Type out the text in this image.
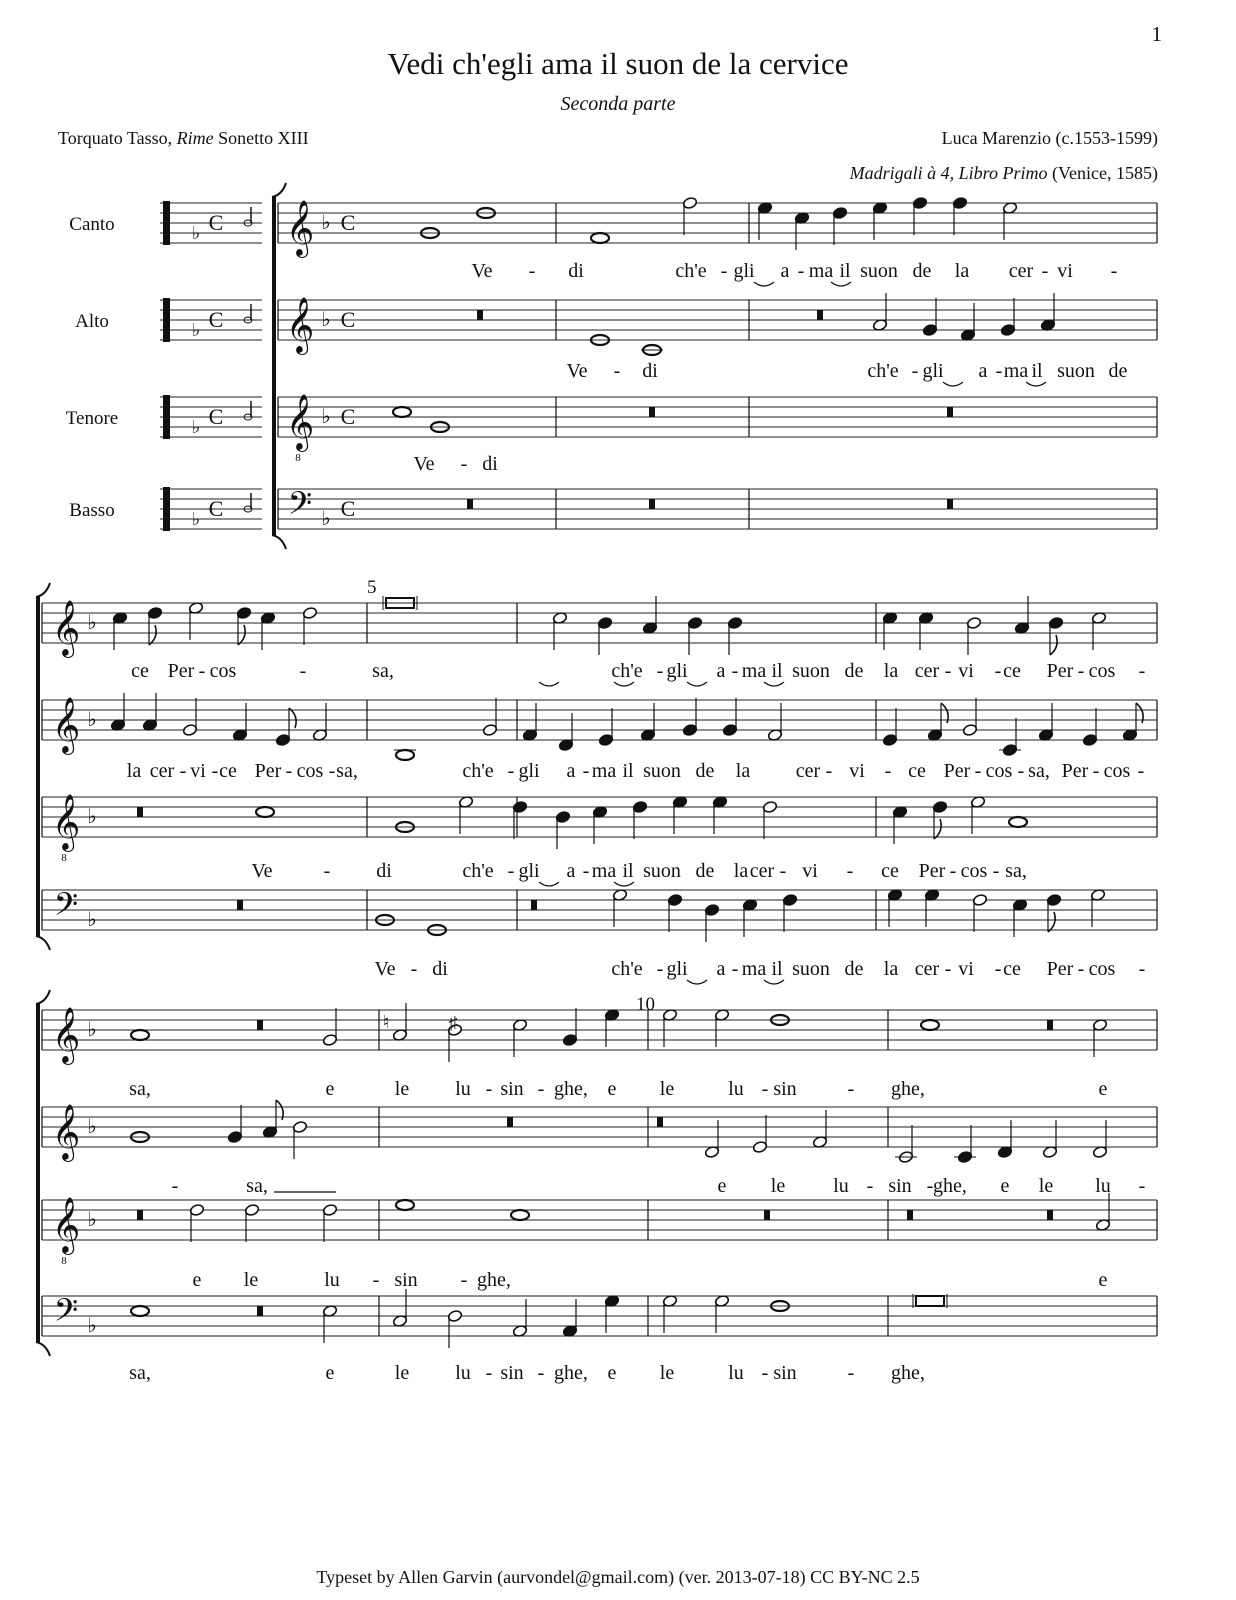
1
Vedi ch'egli ama il suon de la cervice
Seconda parte
Torquato Tasso, Rime Sonetto XIII	Luca Marenzio (c.1553-1599)
Madrigali à 4, Libro Primo (Venice, 1585)
𝄞 ♭ C
𝄞 ♭ C
𝄞
8
♭ C
𝄢 ♭ C
𝄞 ♭
𝄞 ♭
𝄞
8
♭
𝄢 ♭
𝄞 ♭
𝄞 ♭
𝄞
8
♭
𝄢 ♭
♭ C
♭ C
♭ C
♭ C
Canto
Alto
Tenore
Basso
5
10
♮	♯
Ve - di	ch'e - gli a - ma il suon de la cer - vi -
Ve - di	ch'e - gli a - ma il suon de
Ve - di
ce Per - cos	-	sa,	ch'e - gli a - ma il suon de la cer - vi - ce Per - cos -
la cer - vi - ce Per - cos - sa,	ch'e - gli a - ma il suon de la cer - vi - ce Per - cos - sa, Per - cos -
Ve	- di	ch'e - gli a - ma il suon de la cer - vi - ce Per - cos - sa,
Ve - di	ch'e - gli a - ma il suon de la cer - vi - ce Per - cos -
sa,	e	le lu - sin - ghe, e le	lu - sin	- ghe,	e
-	sa,	e le lu - sin - ghe, e le lu -
e le	lu - sin - ghe,	e
sa,	e	le lu - sin - ghe, e le	lu - sin	- ghe,
Typeset by Allen Garvin (aurvondel@gmail.com) (ver. 2013-07-18) CC BY-NC 2.5
